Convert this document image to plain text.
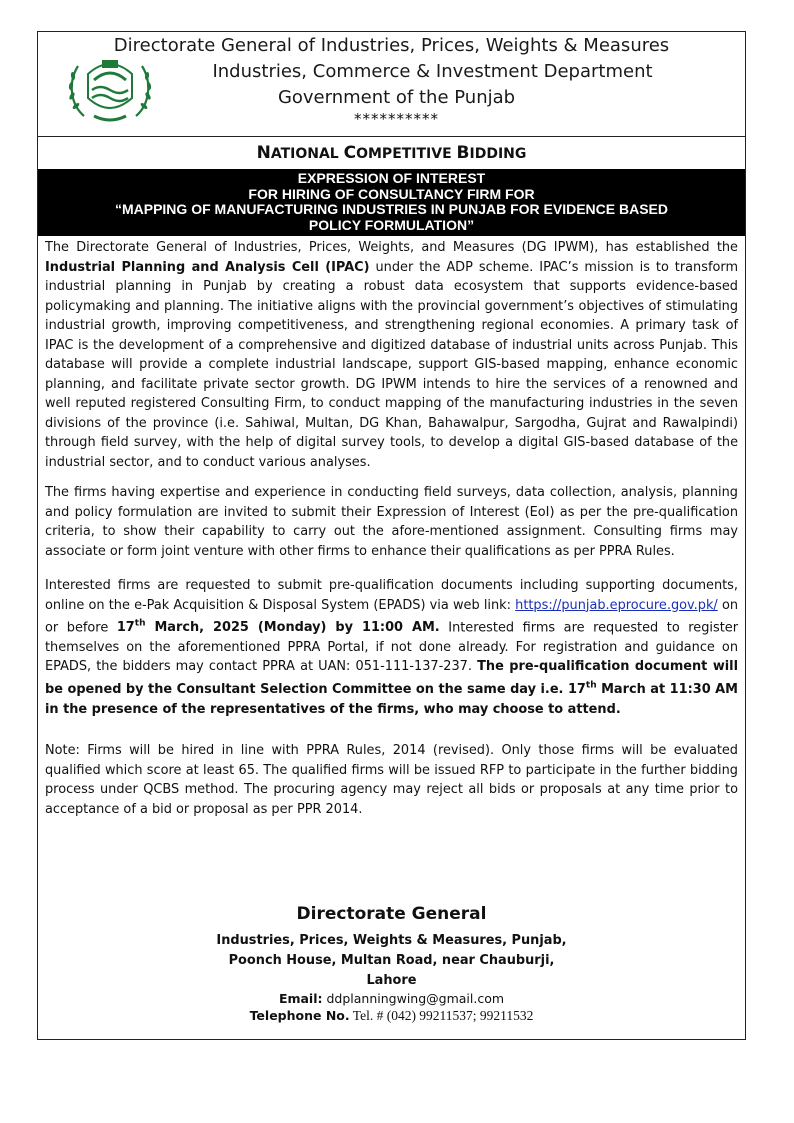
Directorate General of Industries, Prices, Weights & Measures
Industries, Commerce & Investment Department
Government of the Punjab
**********
NATIONAL COMPETITIVE BIDDING
EXPRESSION OF INTEREST
FOR HIRING OF CONSULTANCY FIRM FOR
“MAPPING OF MANUFACTURING INDUSTRIES IN PUNJAB FOR EVIDENCE BASED
POLICY FORMULATION”
The Directorate General of Industries, Prices, Weights, and Measures (DG IPWM), has established the Industrial Planning and Analysis Cell (IPAC) under the ADP scheme. IPAC’s mission is to transform industrial planning in Punjab by creating a robust data ecosystem that supports evidence-based policymaking and planning. The initiative aligns with the provincial government’s objectives of stimulating industrial growth, improving competitiveness, and strengthening regional economies. A primary task of IPAC is the development of a comprehensive and digitized database of industrial units across Punjab. This database will provide a complete industrial landscape, support GIS-based mapping, enhance economic planning, and facilitate private sector growth. DG IPWM intends to hire the services of a renowned and well reputed registered Consulting Firm, to conduct mapping of the manufacturing industries in the seven divisions of the province (i.e. Sahiwal, Multan, DG Khan, Bahawalpur, Sargodha, Gujrat and Rawalpindi) through field survey, with the help of digital survey tools, to develop a digital GIS-based database of the industrial sector, and to conduct various analyses.
The firms having expertise and experience in conducting field surveys, data collection, analysis, planning and policy formulation are invited to submit their Expression of Interest (EoI) as per the pre-qualification criteria, to show their capability to carry out the afore-mentioned assignment. Consulting firms may associate or form joint venture with other firms to enhance their qualifications as per PPRA Rules.
Interested firms are requested to submit pre-qualification documents including supporting documents, online on the e-Pak Acquisition & Disposal System (EPADS) via web link: https://punjab.eprocure.gov.pk/ on or before 17th March, 2025 (Monday) by 11:00 AM. Interested firms are requested to register themselves on the aforementioned PPRA Portal, if not done already. For registration and guidance on EPADS, the bidders may contact PPRA at UAN: 051-111-137-237. The pre-qualification document will be opened by the Consultant Selection Committee on the same day i.e. 17th March at 11:30 AM in the presence of the representatives of the firms, who may choose to attend.
Note: Firms will be hired in line with PPRA Rules, 2014 (revised). Only those firms will be evaluated qualified which score at least 65. The qualified firms will be issued RFP to participate in the further bidding process under QCBS method. The procuring agency may reject all bids or proposals at any time prior to acceptance of a bid or proposal as per PPR 2014.
Directorate General
Industries, Prices, Weights & Measures, Punjab,
Poonch House, Multan Road, near Chauburji,
Lahore
Email: ddplanningwing@gmail.com
Telephone No. Tel. # (042) 99211537; 99211532
